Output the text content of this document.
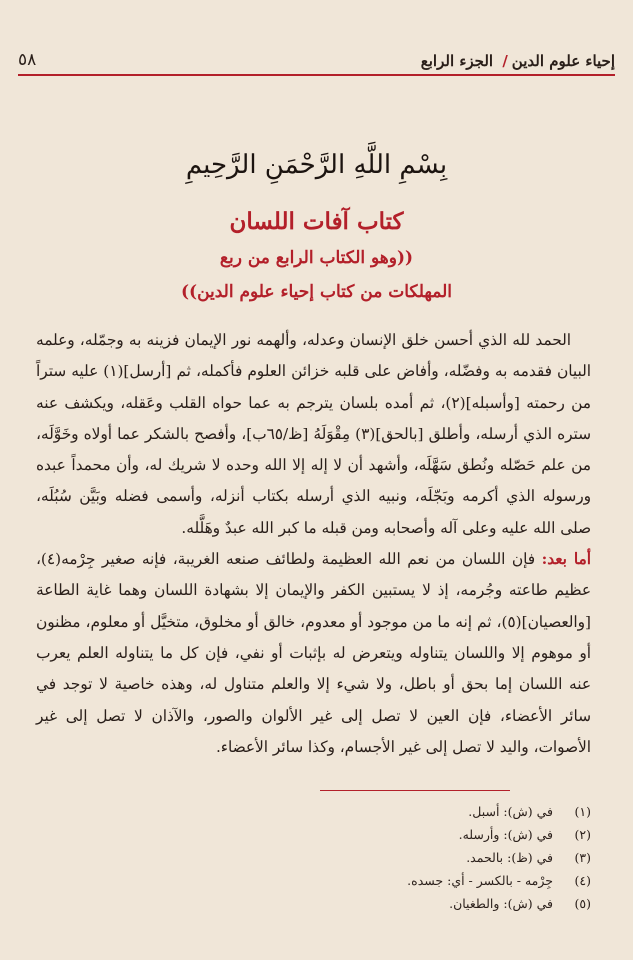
٥٨	إحياء علوم الدين/ الجزء الرابع
بِسْمِ اللَّهِ الرَّحْمَنِ الرَّحِيمِ
كتاب آفات اللسان
((وهو الكتاب الرابع من ربع
المهلكات من كتاب إحياء علوم الدين))

الحمد لله الذي أحسن خلق الإنسان وعدله، وألهمه نور الإيمان فزينه به وجمّله، وعلمه البيان فقدمه به وفضّله، وأفاض على قلبه خزائن العلوم فأكمله، ثم [أرسل](١) عليه ستراً من رحمته [وأسبله](٢)، ثم أمده بلسان يترجم به عما حواه القلب وعَقله، ويكشف عنه ستره الذي أرسله، وأطلق [بالحق](٣) مِقْوَلَهُ [ظ/٦٥ب]، وأفصح بالشكر عما أولاه وخَوَّلَه، من علم حَصّله ونُطق سَهَّلَه، وأشهد أن لا إله إلا الله وحده لا شريك له، وأن محمداً عبده ورسوله الذي أكرمه وبَجّلَه، ونبيه الذي أرسله بكتاب أنزله، وأسمى فضله وبَيَّن سُبُلَه، صلى الله عليه وعلى آله وأصحابه ومن قبله ما كبر الله عبدٌ وهَلَّله.

أما بعد: فإن اللسان من نعم الله العظيمة ولطائف صنعه الغريبة، فإنه صغير جِرْمه(٤)، عظيم طاعته وجُرمه، إذ لا يستبين الكفر والإيمان إلا بشهادة اللسان وهما غاية الطاعة [والعصيان](٥)، ثم إنه ما من موجود أو معدوم، خالق أو مخلوق، متخيَّل أو معلوم، مظنون أو موهوم إلا واللسان يتناوله ويتعرض له بإثبات أو نفي، فإن كل ما يتناوله العلم يعرب عنه اللسان إما بحق أو باطل، ولا شيء إلا والعلم متناول له، وهذه خاصية لا توجد في سائر الأعضاء، فإن العين لا تصل إلى غير الألوان والصور، والآذان لا تصل إلى غير الأصوات، واليد لا تصل إلى غير الأجسام، وكذا سائر الأعضاء.

(١)
في (ش): أسبل.
(٢)
في (ش): وأرسله.
(٣)
في (ظ): بالحمد.
(٤)
جِرْمه - بالكسر - أي: جسده.
(٥)
في (ش): والطغيان.
